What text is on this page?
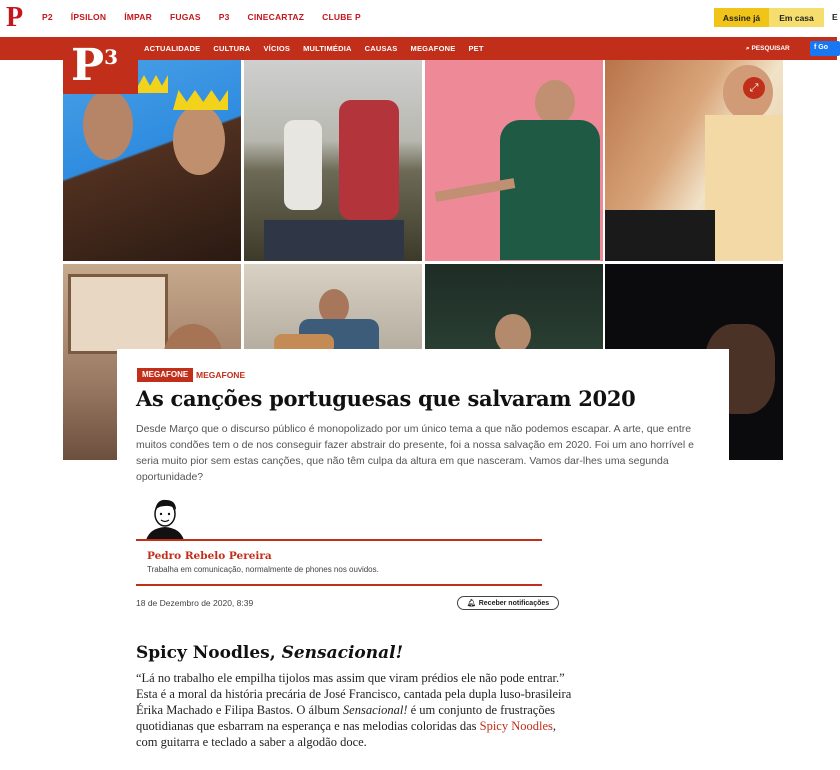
P P2 ÍPSILON ÍMPAR FUGAS P3 CINECARTAZ CLUBE P	Assine já	Em casa	E
$P^3$	ACTUALIDADE CULTURA VÍCIOS MULTIMÉDIA CAUSAS MEGAFONE PET	⌕ PESQUISAR	f Go
⤢
MEGAFONE MEGAFONE
As canções portuguesas que salvaram 2020

Desde Março que o discurso público é monopolizado por um único tema a que não podemos escapar. A arte, que entre muitos condões tem o de nos conseguir fazer abstrair do presente, foi a nossa salvação em 2020. Foi um ano horrível e seria muito pior sem estas canções, que não têm culpa da altura em que nasceram. Vamos dar-lhes uma segunda oportunidade?

Pedro Rebelo Pereira
Trabalha em comunicação, normalmente de phones nos ouvidos.
18 de Dezembro de 2020, 8:39	🔔︎ Receber notificações
Spicy Noodles, Sensacional!

“Lá no trabalho ele empilha tijolos mas assim que viram prédios ele não pode entrar.” Esta é a moral da história precária de José Francisco, cantada pela dupla luso-brasileira Érika Machado e Filipa Bastos. O álbum Sensacional! é um conjunto de frustrações quotidianas que esbarram na esperança e nas melodias coloridas das Spicy Noodles, com guitarra e teclado a saber a algodão doce.
